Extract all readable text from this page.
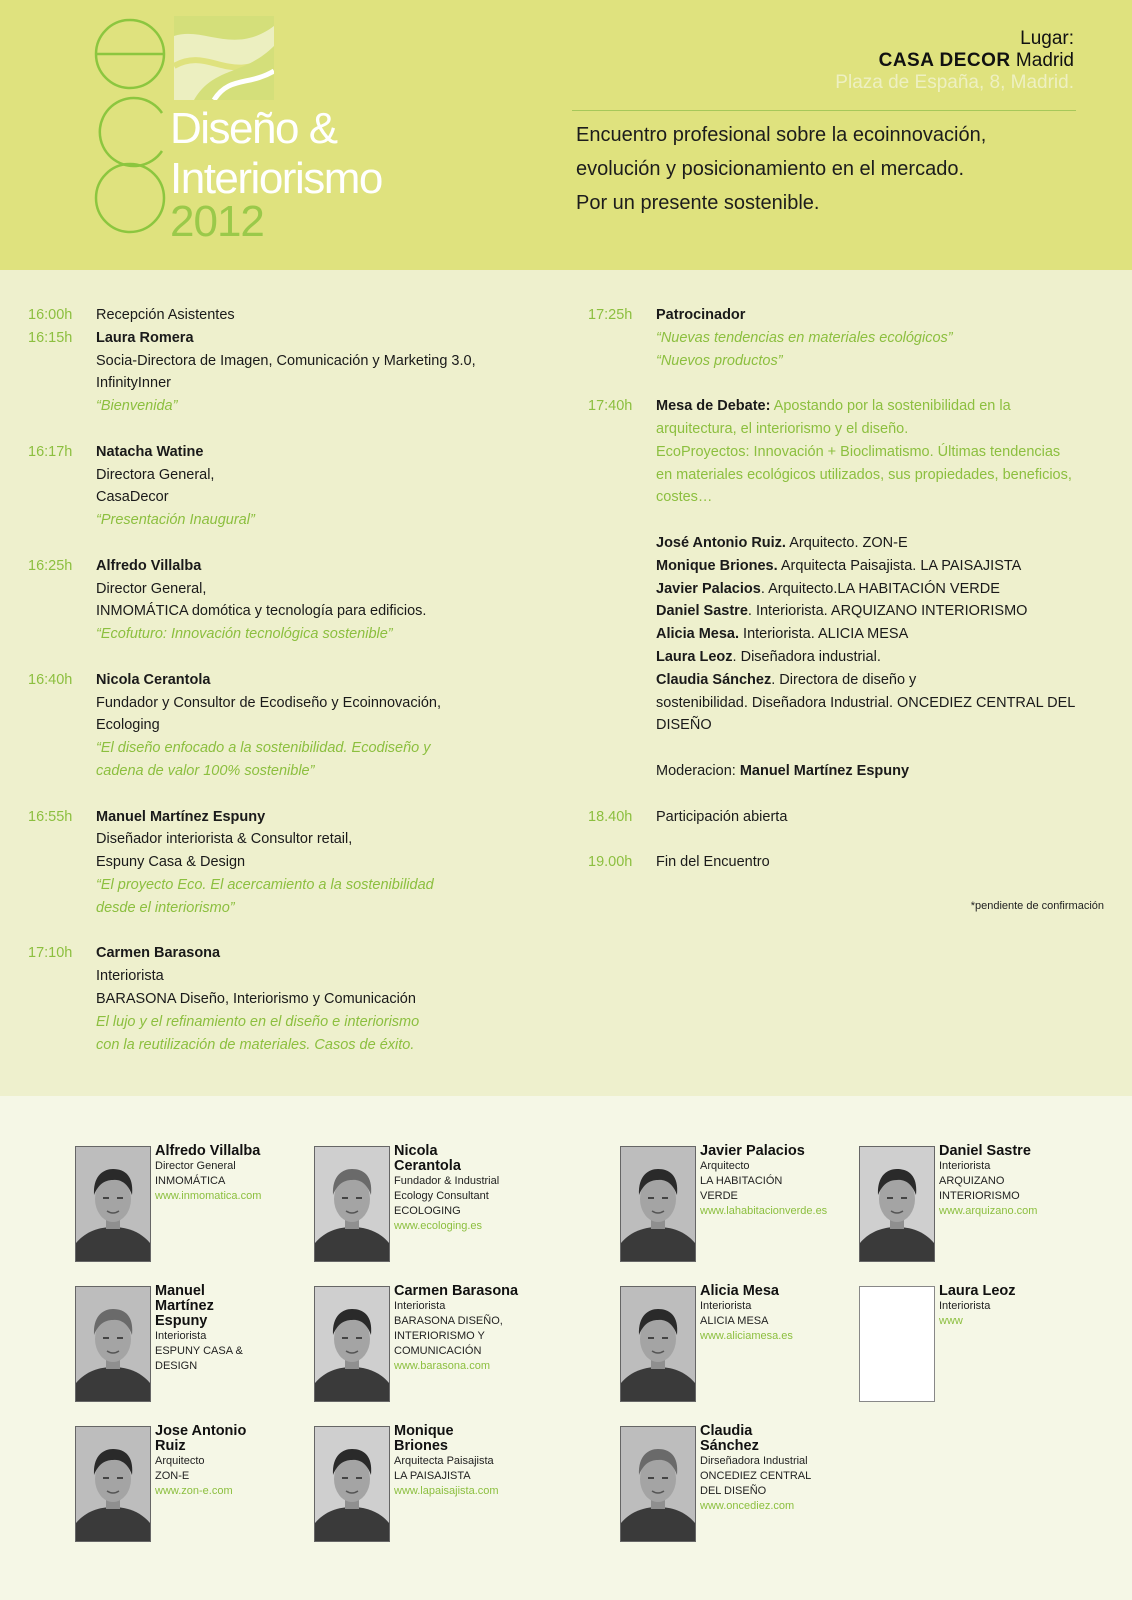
Diseño &
Interiorismo
2012
Lugar:
CASA DECOR Madrid
Plaza de España, 8, Madrid.
Encuentro profesional sobre la ecoinnovación,
evolución y posicionamiento en el mercado.
Por un presente sostenible.
16:00h	Recepción Asistentes
16:15h	Laura Romera
Socia-Directora de Imagen, Comunicación y Marketing 3.0,
InfinityInner
“Bienvenida”
16:17h	Natacha Watine
Directora General,
CasaDecor
“Presentación Inaugural”
16:25h	Alfredo Villalba
Director General,
INMOMÁTICA domótica y tecnología para edificios.
“Ecofuturo: Innovación tecnológica sostenible”
16:40h	Nicola Cerantola
Fundador y Consultor de Ecodiseño y Ecoinnovación,
Ecologing
“El diseño enfocado a la sostenibilidad. Ecodiseño y
cadena de valor 100% sostenible”
16:55h	Manuel Martínez Espuny
Diseñador interiorista & Consultor retail,
Espuny Casa & Design
“El proyecto Eco. El acercamiento a la sostenibilidad
desde el interiorismo”
17:10h	Carmen Barasona
Interiorista
BARASONA Diseño, Interiorismo y Comunicación
El lujo y el refinamiento en el diseño e interiorismo
con la reutilización de materiales. Casos de éxito.
17:25h	Patrocinador
“Nuevas tendencias en materiales ecológicos”
“Nuevos productos”
17:40h	Mesa de Debate: Apostando por la sostenibilidad en la
arquitectura, el interiorismo y el diseño.
EcoProyectos: Innovación + Bioclimatismo. Últimas tendencias
en materiales ecológicos utilizados, sus propiedades, beneficios,
costes…
José Antonio Ruiz. Arquitecto. ZON-E
Monique Briones. Arquitecta Paisajista. LA PAISAJISTA
Javier Palacios. Arquitecto.LA HABITACIÓN VERDE
Daniel Sastre. Interiorista. ARQUIZANO INTERIORISMO
Alicia Mesa. Interiorista. ALICIA MESA
Laura Leoz. Diseñadora industrial.
Claudia Sánchez. Directora de diseño y
sostenibilidad. Diseñadora Industrial. ONCEDIEZ CENTRAL DEL
DISEÑO
Moderacion: Manuel Martínez Espuny
18.40h	Participación abierta
19.00h	Fin del Encuentro
*pendiente de confirmación
Alfredo Villalba
Director General
INMOMÁTICA
www.inmomatica.com
Nicola
Cerantola
Fundador & Industrial
Ecology Consultant
ECOLOGING
www.ecologing.es
Javier Palacios
Arquitecto
LA HABITACIÓN
VERDE
www.lahabitacionverde.es
Daniel Sastre
Interiorista
ARQUIZANO
INTERIORISMO
www.arquizano.com
Manuel
Martínez
Espuny
Interiorista
ESPUNY CASA &
DESIGN
Carmen Barasona
Interiorista
BARASONA DISEÑO,
INTERIORISMO Y
COMUNICACIÓN
www.barasona.com
Alicia Mesa
Interiorista
ALICIA MESA
www.aliciamesa.es
Laura Leoz
Interiorista
www
Jose Antonio
Ruiz
Arquitecto
ZON-E
www.zon-e.com
Monique
Briones
Arquitecta Paisajista
LA PAISAJISTA
www.lapaisajista.com
Claudia
Sánchez
Dirseñadora Industrial
ONCEDIEZ CENTRAL
DEL DISEÑO
www.oncediez.com
